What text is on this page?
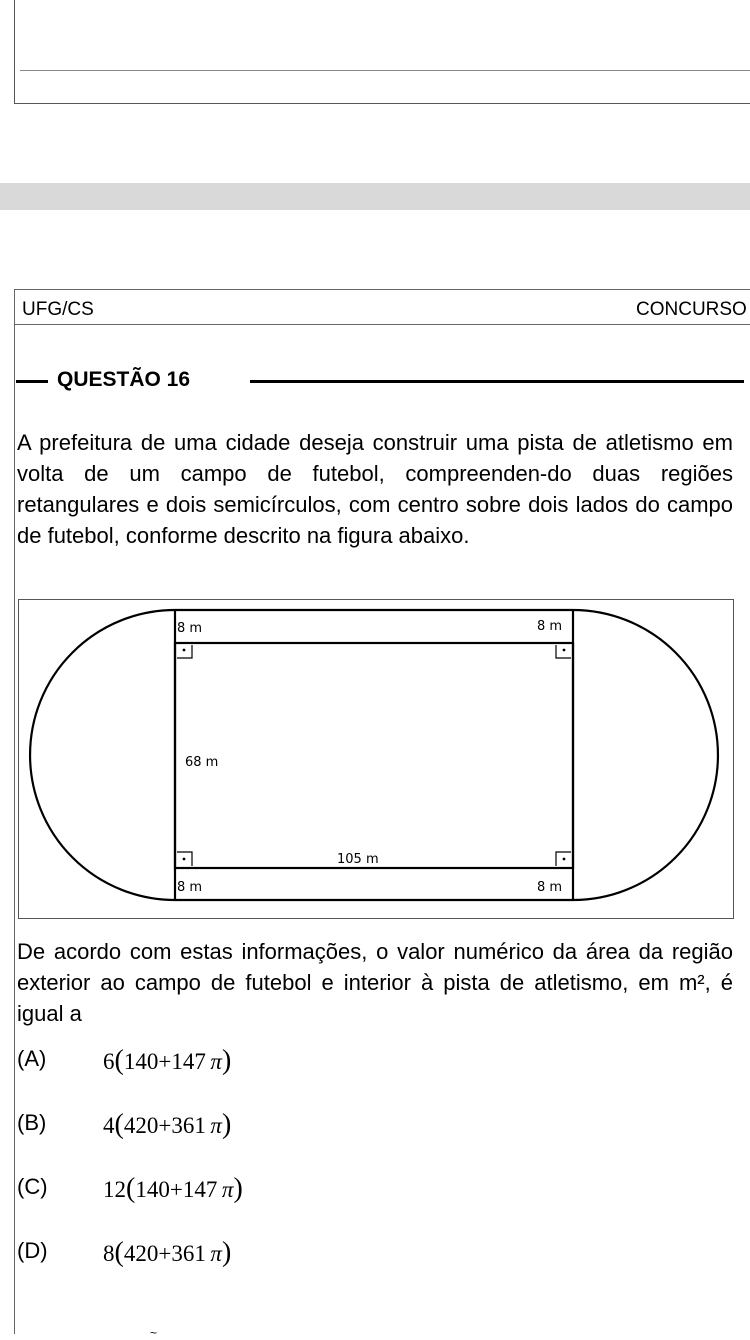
UFG/CS	CONCURSO
QUESTÃO 16
A prefeitura de uma cidade deseja construir uma pista de atletismo em volta de um campo de futebol, compreenden-do duas regiões retangulares e dois semicírculos, com centro sobre dois lados do campo de futebol, conforme descrito na figura abaixo.
8 m	8 m
68 m
105 m
8 m	8 m
De acordo com estas informações, o valor numérico da área da região exterior ao campo de futebol e interior à pista de atletismo, em m², é igual a
(A) 6(140+147  π)
(B) 4(420+361  π)
(C) 12(140+147  π)
(D) 8(420+361  π)
~
